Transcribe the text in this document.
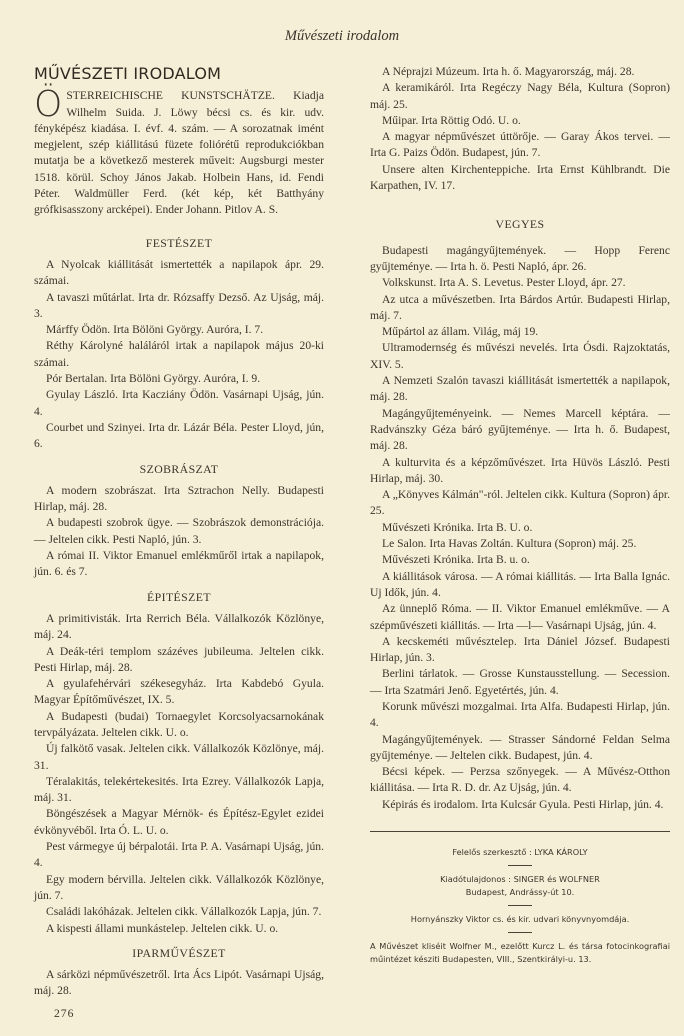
Művészeti irodalom
MŰVÉSZETI IRODALOM

ÖSTERREICHISCHE KUNSTSCHÄTZE. Kiadja Wilhelm Suida. J. Löwy bécsi cs. és kir. udv. fényképész kiadása. I. évf. 4. szám. — A sorozatnak imént megjelent, szép kiállitású füzete foliórétű reprodukciókban mutatja be a következő mesterek műveit: Augsburgi mester 1518. körül. Schoy János Jakab. Holbein Hans, id. Fendi Péter. Waldmüller Ferd. (két kép, két Batthyány grófkisasszony arcképei). Ender Johann. Pitlov A. S.

FESTÉSZET

A Nyolcak kiállitását ismertették a napilapok ápr. 29. számai.

A tavaszi műtárlat. Irta dr. Rózsaffy Dezső. Az Ujság, máj. 3.

Márffy Ödön. Irta Bölöni György. Auróra, I. 7.

Réthy Károlyné haláláról irtak a napilapok május 20-ki számai.

Pór Bertalan. Irta Bölöni György. Auróra, I. 9.

Gyulay László. Irta Kacziány Ödön. Vasárnapi Ujság, jún. 4.

Courbet und Szinyei. Irta dr. Lázár Béla. Pester Lloyd, jún, 6.

SZOBRÁSZAT

A modern szobrászat. Irta Sztrachon Nelly. Budapesti Hirlap, máj. 28.

A budapesti szobrok ügye. — Szobrászok demonstrációja. — Jeltelen cikk. Pesti Napló, jún. 3.

A római II. Viktor Emanuel emlékműről irtak a napilapok, jún. 6. és 7.

ÉPITÉSZET

A primitivisták. Irta Rerrich Béla. Vállalkozók Közlönye, máj. 24.

A Deák-téri templom százéves jubileuma. Jeltelen cikk. Pesti Hirlap, máj. 28.

A gyulafehérvári székesegyház. Irta Kabdebó Gyula. Magyar Építőművészet, IX. 5.

A Budapesti (budai) Tornaegylet Korcsolyacsarnokának tervpályázata. Jeltelen cikk. U. o.

Új falkötő vasak. Jeltelen cikk. Vállalkozók Közlönye, máj. 31.

Téralakitás, telekértekesités. Irta Ezrey. Vállalkozók Lapja, máj. 31.

Böngészések a Magyar Mérnök- és Építész-Egylet ezidei évkönyvéből. Irta Ó. L. U. o.

Pest vármegye új bérpalotái. Irta P. A. Vasárnapi Ujság, jún. 4.

Egy modern bérvilla. Jeltelen cikk. Vállalkozók Közlönye, jún. 7.

Családi lakóházak. Jeltelen cikk. Vállalkozók Lapja, jún. 7.

A kispesti állami munkástelep. Jeltelen cikk. U. o.

IPARMŰVÉSZET

A sárközi népművészetről. Irta Ács Lipót. Vasárnapi Ujság, máj. 28.

276

A Néprajzi Múzeum. Irta h. ő. Magyarország, máj. 28.

A keramikáról. Irta Regéczy Nagy Béla, Kultura (Sopron) máj. 25.

Műipar. Irta Röttig Odó. U. o.

A magyar népművészet úttörője. — Garay Ákos tervei. — Irta G. Paizs Ödön. Budapest, jún. 7.

Unsere alten Kirchenteppiche. Irta Ernst Kühlbrandt. Die Karpathen, IV. 17.

VEGYES

Budapesti magángyűjtemények. — Hopp Ferenc gyűjteménye. — Irta h. ö. Pesti Napló, ápr. 26.

Volkskunst. Irta A. S. Levetus. Pester Lloyd, ápr. 27.

Az utca a művészetben. Irta Bárdos Artúr. Budapesti Hirlap, máj. 7.

Műpártol az állam. Világ, máj 19.

Ultramodernség és művészi nevelés. Irta Ósdi. Rajzoktatás, XIV. 5.

A Nemzeti Szalón tavaszi kiállitását ismertették a napilapok, máj. 28.

Magángyűjteményeink. — Nemes Marcell képtára. — Radvánszky Géza báró gyűjteménye. — Irta h. ő. Budapest, máj. 28.

A kulturvita és a képzőművészet. Irta Hüvös László. Pesti Hirlap, máj. 30.

A „Könyves Kálmán"-ról. Jeltelen cikk. Kultura (Sopron) ápr. 25.

Művészeti Krónika. Irta B. U. o.

Le Salon. Irta Havas Zoltán. Kultura (Sopron) máj. 25.

Művészeti Krónika. Irta B. u. o.

A kiállitások városa. — A római kiállitás. — Irta Balla Ignác. Uj Idők, jún. 4.

Az ünneplő Róma. — II. Viktor Emanuel emlékműve. — A szépművészeti kiállitás. — Irta —l— Vasárnapi Ujság, jún. 4.

A kecskeméti művésztelep. Irta Dániel József. Budapesti Hirlap, jún. 3.

Berlini tárlatok. — Grosse Kunstausstellung. — Secession. — Irta Szatmári Jenő. Egyetértés, jún. 4.

Korunk művészi mozgalmai. Irta Alfa. Budapesti Hirlap, jún. 4.

Magángyűjtemények. — Strasser Sándorné Feldan Selma gyűjteménye. — Jeltelen cikk. Budapest, jún. 4.

Bécsi képek. — Perzsa szőnyegek. — A Művész-Otthon kiállitása. — Irta R. D. dr. Az Ujság, jún. 4.

Képirás és irodalom. Irta Kulcsár Gyula. Pesti Hirlap, jún. 4.

Felelős szerkesztő : LYKA KÁROLY

Kiadótulajdonos : SINGER és WOLFNER

Budapest, Andrássy-út 10.

Hornyánszky Viktor cs. és kir. udvari könyvnyomdája.

A Művészet kliséit Wolfner M., ezelőtt Kurcz L. és társa fotocinkografiai műintézet késziti Budapesten, VIII., Szentkirályi-u. 13.
